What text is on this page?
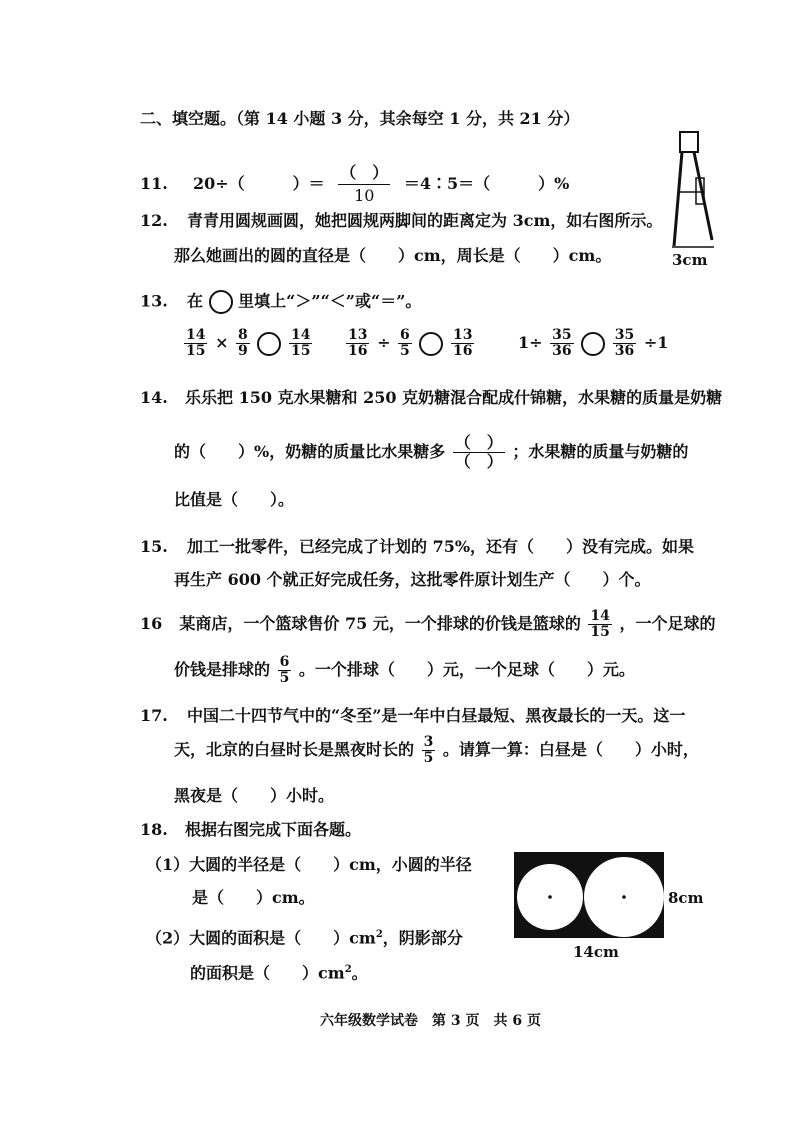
二、填空题。（第 14 小题 3 分，其余每空 1 分，共 21 分）
11. 20÷（　　　）＝ $\frac{( )}{10}$ ＝4∶5＝（　　　）%
3cm
12. 青青用圆规画圆，她把圆规两脚间的距离定为 3cm，如右图所示。
那么她画出的圆的直径是（　　）cm，周长是（　　）cm。
13. 在 里填上“＞”“＜”或“＝”。
$\frac{14}{15} \times \frac{8}{9}$
	$\frac{14}{15} \frac{13}{16} \div \frac{6}{5}$
	$\frac{13}{16}$	$1\div \frac{35}{36}$
	$\frac{35}{36} \div 1$
14. 乐乐把 150 克水果糖和 250 克奶糖混合配成什锦糖，水果糖的质量是奶糖
的（　　）%，奶糖的质量比水果糖多 $\frac{( )}{( )}$ ；水果糖的质量与奶糖的
比值是（　　）。
15. 加工一批零件，已经完成了计划的 75%，还有（　　）没有完成。如果
再生产 600 个就正好完成任务，这批零件原计划生产（　　）个。
16 某商店，一个篮球售价 75 元，一个排球的价钱是篮球的 $\frac{14}{15}$ ，一个足球的
价钱是排球的 $\frac{6}{5}$ 。一个排球（　　）元，一个足球（　　）元。
17. 中国二十四节气中的“冬至”是一年中白昼最短、黑夜最长的一天。这一
天，北京的白昼时长是黑夜时长的 $\frac{3}{5}$ 。请算一算：白昼是（　　）小时，
黑夜是（　　）小时。
18. 根据右图完成下面各题。
（1）大圆的半径是（　　）cm，小圆的半径
是（　　）cm。
（2）大圆的面积是（　　）$cm^2$，阴影部分
的面积是（　　）$cm^2$。
8cm
14cm
六年级数学试卷　第 3 页　共 6 页
